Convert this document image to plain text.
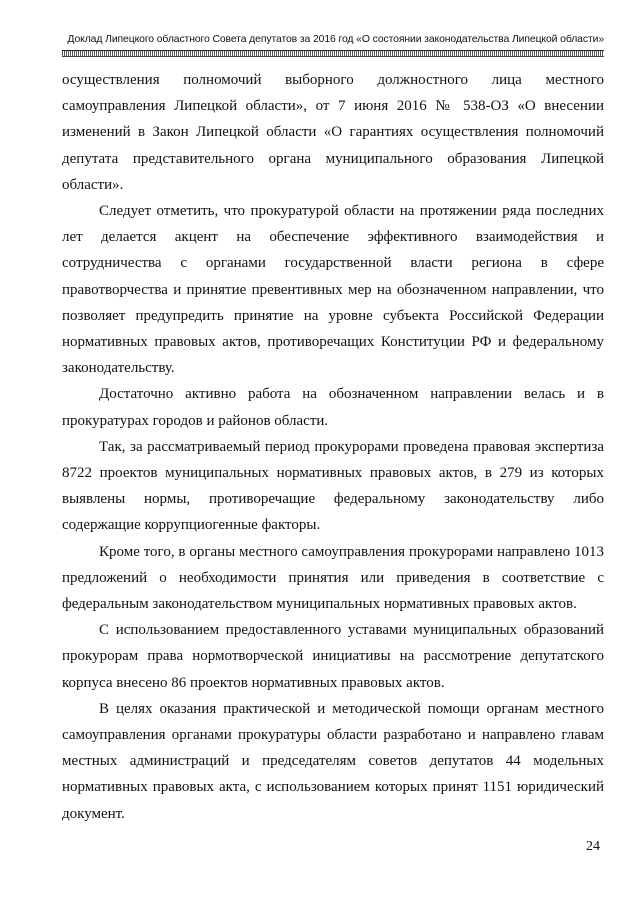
Доклад Липецкого областного Совета депутатов за 2016 год «О состоянии законодательства Липецкой области»

осуществления полномочий выборного должностного лица местного самоуправления Липецкой области», от 7 июня 2016 № 538-ОЗ «О внесении изменений в Закон Липецкой области «О гарантиях осуществления полномочий депутата представительного органа муниципального образования Липецкой области».

Следует отметить, что прокуратурой области на протяжении ряда последних лет делается акцент на обеспечение эффективного взаимодействия и сотрудничества с органами государственной власти региона в сфере правотворчества и принятие превентивных мер на обозначенном направлении, что позволяет предупредить принятие на уровне субъекта Российской Федерации нормативных правовых актов, противоречащих Конституции РФ и федеральному законодательству.

Достаточно активно работа на обозначенном направлении велась и в прокуратурах городов и районов области.

Так, за рассматриваемый период прокурорами проведена правовая экспертиза 8722 проектов муниципальных нормативных правовых актов, в 279 из которых выявлены нормы, противоречащие федеральному законодательству либо содержащие коррупциогенные факторы.

Кроме того, в органы местного самоуправления прокурорами направлено 1013 предложений о необходимости принятия или приведения в соответствие с федеральным законодательством муниципальных нормативных правовых актов.

С использованием предоставленного уставами муниципальных образований прокурорам права нормотворческой инициативы на рассмотрение депутатского корпуса внесено 86 проектов нормативных правовых актов.

В целях оказания практической и методической помощи органам местного самоуправления органами прокуратуры области разработано и направлено главам местных администраций и председателям советов депутатов 44 модельных нормативных правовых акта, с использованием которых принят 1151 юридический документ.

24
